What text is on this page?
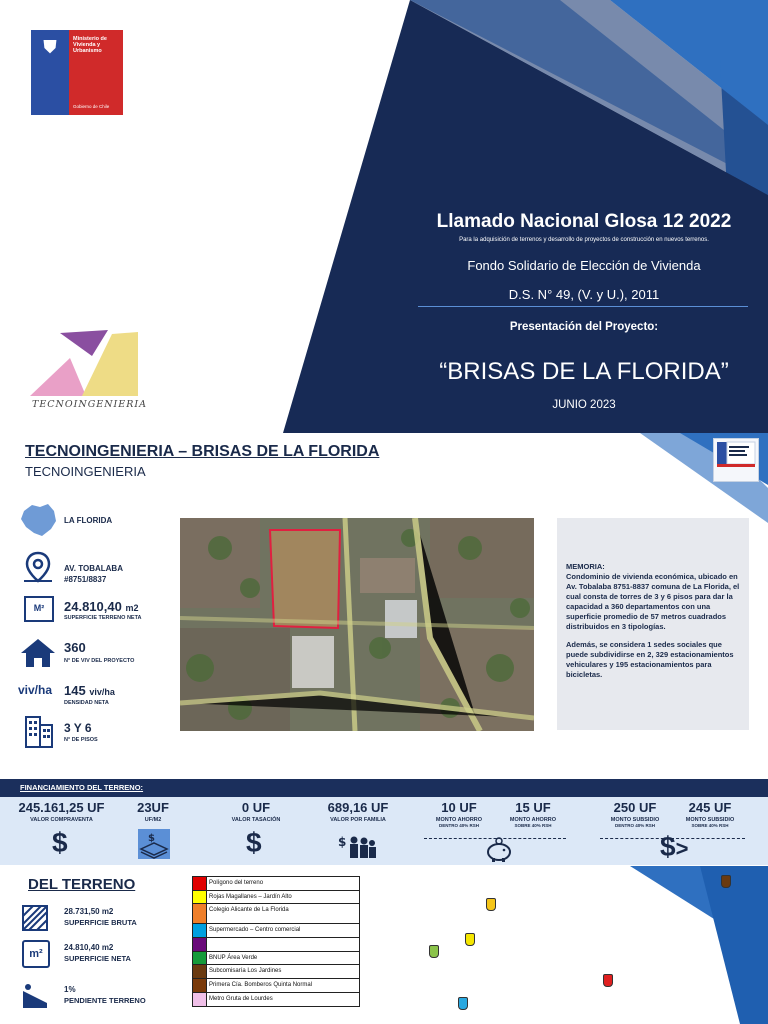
⛊	Ministerio de Vivienda y Urbanismo
Gobierno de Chile
TECNOINGENIERIA
Llamado Nacional Glosa 12 2022
Para la adquisición de terrenos y desarrollo de proyectos de construcción en nuevos terrenos.
Fondo Solidario de Elección de Vivienda
D.S. N° 49, (V. y U.), 2011
Presentación del Proyecto:
“BRISAS DE LA FLORIDA”
JUNIO 2023
TECNOINGENIERIA – BRISAS DE LA FLORIDA
TECNOINGENIERIA
LA FLORIDA
AV. TOBALABA
#8751/8837
M²	24.810,40 m2
SUPERFICIE TERRENO NETA
360
N° DE VIV DEL PROYECTO
viv/ha 145 viv/ha
DENSIDAD NETA
3 Y 6
N° DE PISOS

MEMORIA:

Condominio de vivienda económica, ubicado en Av. Tobalaba 8751-8837 comuna de La Florida, el cual consta de torres de 3 y 6 pisos para dar la capacidad a 360 departamentos con una superficie promedio de 57 metros cuadrados distribuidos en 3 tipologías.

Además, se considera 1 sedes sociales que puede subdividirse en 2, 329 estacionamientos vehiculares y 195 estacionamientos para bicicletas.

FINANCIAMIENTO DEL TERRENO:
245.161,25 UF
VALOR COMPRAVENTA
23UF
UF/M2
0 UF
VALOR TASACIÓN
689,16 UF
VALOR POR FAMILIA
10 UF
MONTO AHORRO
DENTRO 40% RSH
15 UF
MONTO AHORRO
SOBRE 40% RSH
250 UF
MONTO SUBSIDIO
DENTRO 40% RSH
245 UF
MONTO SUBSIDIO
SOBRE 40% RSH
$	$	$	$	$>
DEL TERRENO
28.731,50 m2
SUPERFICIE BRUTA
m²
24.810,40 m2
SUPERFICIE NETA
1%
PENDIENTE TERRENO
Polígono del terreno
Rojas Magallanes – Jardín Alto
Colegio Alicante de La Florida
Supermercado – Centro comercial
BNUP Área Verde
Subcomisaría Los Jardines
Primera Cía. Bomberos Quinta Normal
Metro Gruta de Lourdes
